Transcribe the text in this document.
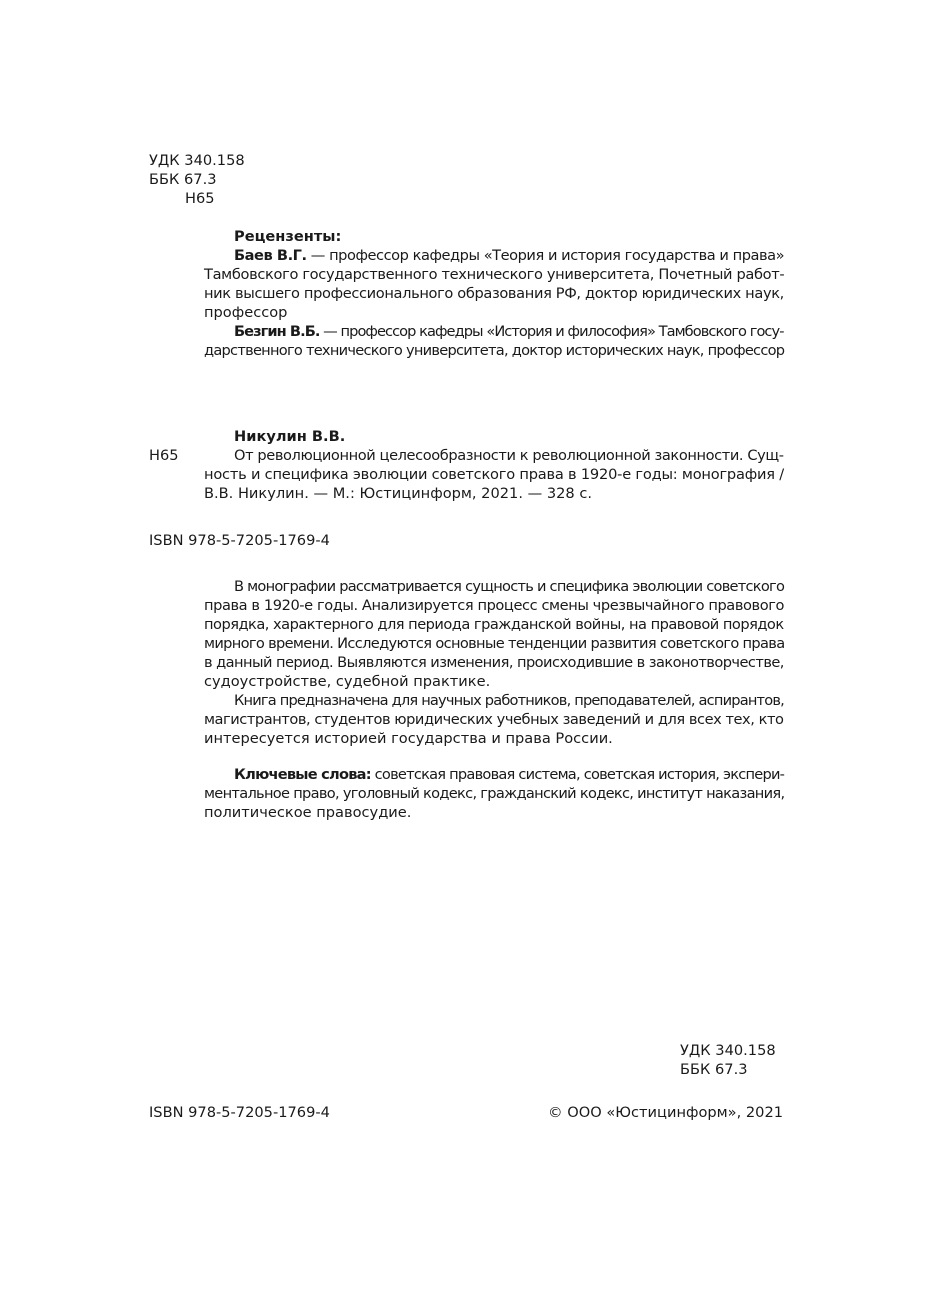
УДК 340.158
ББК 67.3
Н65
Рецензенты:
Баев В.Г. — профессор кафедры «Теория и история государства и права»
Тамбовского государственного технического университета, Почетный работ-
ник высшего профессионального образования РФ, доктор юридических наук,
профессор
Безгин В.Б. — профессор кафедры «История и философия» Тамбовского госу-
дарственного технического университета, доктор исторических наук, профессор
Н65
Никулин В.В.
От революционной целесообразности к революционной законности. Сущ-
ность и специфика эволюции советского права в 1920-е годы: монография /
В.В. Никулин. — М.: Юстицинформ, 2021. — 328 с.
ISBN 978-5-7205-1769-4
В монографии рассматривается сущность и специфика эволюции советского
права в 1920-е годы. Анализируется процесс смены чрезвычайного правового
порядка, характерного для периода гражданской войны, на правовой порядок
мирного времени. Исследуются основные тенденции развития советского права
в данный период. Выявляются изменения, происходившие в законотворчестве,
судоустройстве, судебной практике.
Книга предназначена для научных работников, преподавателей, аспирантов,
магистрантов, студентов юридических учебных заведений и для всех тех, кто
интересуется историей государства и права России.
Ключевые слова: советская правовая система, советская история, экспери-
ментальное право, уголовный кодекс, гражданский кодекс, институт наказания,
политическое правосудие.
УДК 340.158
ББК 67.3
ISBN 978-5-7205-1769-4	© ООО «Юстицинформ», 2021
